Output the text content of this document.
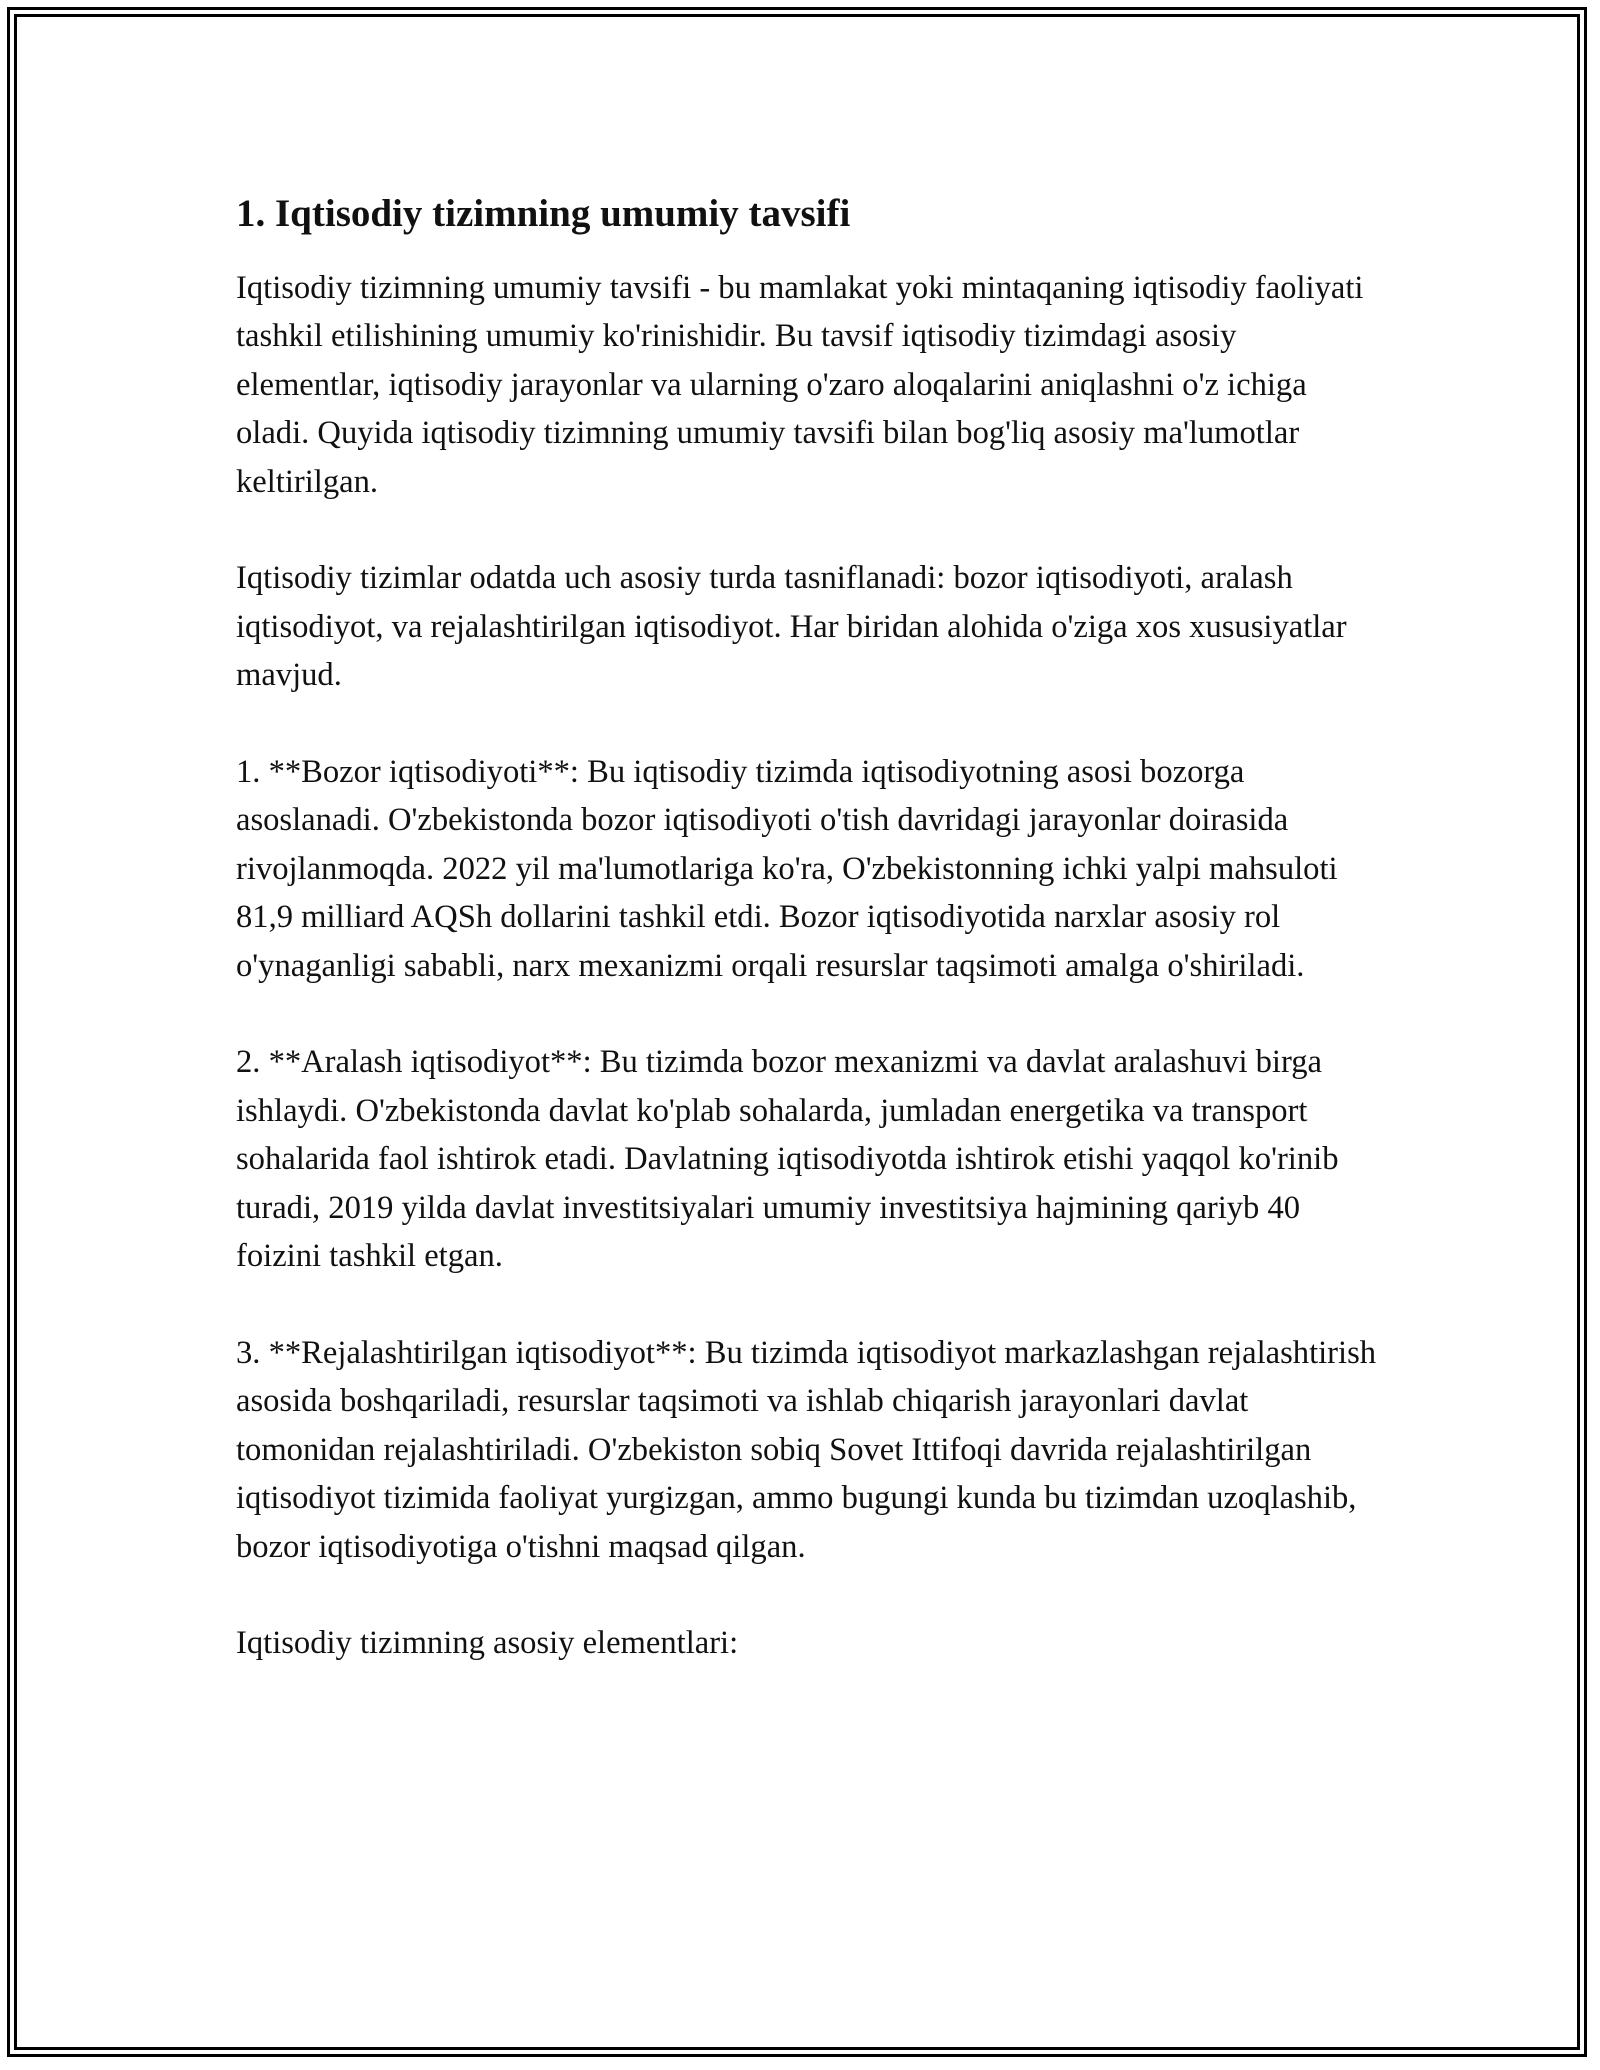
1. Iqtisodiy tizimning umumiy tavsifi

Iqtisodiy tizimning umumiy tavsifi - bu mamlakat yoki mintaqaning iqtisodiy faoliyati tashkil etilishining umumiy ko'rinishidir. Bu tavsif iqtisodiy tizimdagi asosiy elementlar, iqtisodiy jarayonlar va ularning o'zaro aloqalarini aniqlashni o'z ichiga oladi. Quyida iqtisodiy tizimning umumiy tavsifi bilan bog'liq asosiy ma'lumotlar keltirilgan.

Iqtisodiy tizimlar odatda uch asosiy turda tasniflanadi: bozor iqtisodiyoti, aralash iqtisodiyot, va rejalashtirilgan iqtisodiyot. Har biridan alohida o'ziga xos xususiyatlar mavjud.

1. **Bozor iqtisodiyoti**: Bu iqtisodiy tizimda iqtisodiyotning asosi bozorga asoslanadi. O'zbekistonda bozor iqtisodiyoti o'tish davridagi jarayonlar doirasida rivojlanmoqda. 2022 yil ma'lumotlariga ko'ra, O'zbekistonning ichki yalpi mahsuloti 81,9 milliard AQSh dollarini tashkil etdi. Bozor iqtisodiyotida narxlar asosiy rol o'ynaganligi sababli, narx mexanizmi orqali resurslar taqsimoti amalga o'shiriladi.

2. **Aralash iqtisodiyot**: Bu tizimda bozor mexanizmi va davlat aralashuvi birga ishlaydi. O'zbekistonda davlat ko'plab sohalarda, jumladan energetika va transport sohalarida faol ishtirok etadi. Davlatning iqtisodiyotda ishtirok etishi yaqqol ko'rinib turadi, 2019 yilda davlat investitsiyalari umumiy investitsiya hajmining qariyb 40 foizini tashkil etgan.

3. **Rejalashtirilgan iqtisodiyot**: Bu tizimda iqtisodiyot markazlashgan rejalashtirish asosida boshqariladi, resurslar taqsimoti va ishlab chiqarish jarayonlari davlat tomonidan rejalashtiriladi. O'zbekiston sobiq Sovet Ittifoqi davrida rejalashtirilgan iqtisodiyot tizimida faoliyat yurgizgan, ammo bugungi kunda bu tizimdan uzoqlashib, bozor iqtisodiyotiga o'tishni maqsad qilgan.

Iqtisodiy tizimning asosiy elementlari:
